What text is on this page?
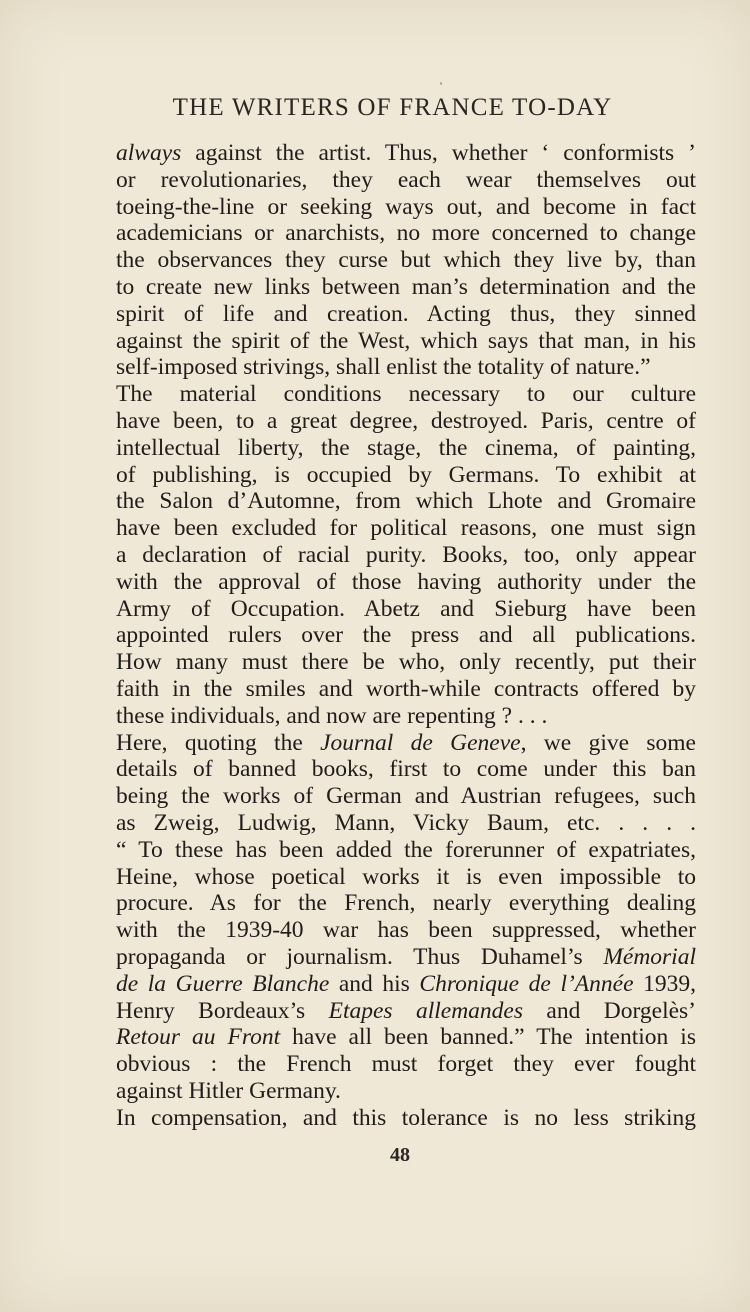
THE WRITERS OF FRANCE TO-DAY
always against the artist. Thus, whether ‘ conformists ’
or revolutionaries, they each wear themselves out
toeing-the-line or seeking ways out, and become in fact
academicians or anarchists, no more concerned to change
the observances they curse but which they live by, than
to create new links between man’s determination and the
spirit of life and creation. Acting thus, they sinned
against the spirit of the West, which says that man, in his
self-imposed strivings, shall enlist the totality of nature.”
The material conditions necessary to our culture
have been, to a great degree, destroyed. Paris, centre of
intellectual liberty, the stage, the cinema, of painting,
of publishing, is occupied by Germans. To exhibit at
the Salon d’Automne, from which Lhote and Gromaire
have been excluded for political reasons, one must sign
a declaration of racial purity. Books, too, only appear
with the approval of those having authority under the
Army of Occupation. Abetz and Sieburg have been
appointed rulers over the press and all publications.
How many must there be who, only recently, put their
faith in the smiles and worth-while contracts offered by
these individuals, and now are repenting ? . . .
Here, quoting the Journal de Geneve, we give some
details of banned books, first to come under this ban
being the works of German and Austrian refugees, such
as Zweig, Ludwig, Mann, Vicky Baum, etc. . . . .
“ To these has been added the forerunner of expatriates,
Heine, whose poetical works it is even impossible to
procure. As for the French, nearly everything dealing
with the 1939-40 war has been suppressed, whether
propaganda or journalism. Thus Duhamel’s Mémorial
de la Guerre Blanche and his Chronique de l’Année 1939,
Henry Bordeaux’s Etapes allemandes and Dorgelès’
Retour au Front have all been banned.” The intention is
obvious : the French must forget they ever fought
against Hitler Germany.
In compensation, and this tolerance is no less striking
48
